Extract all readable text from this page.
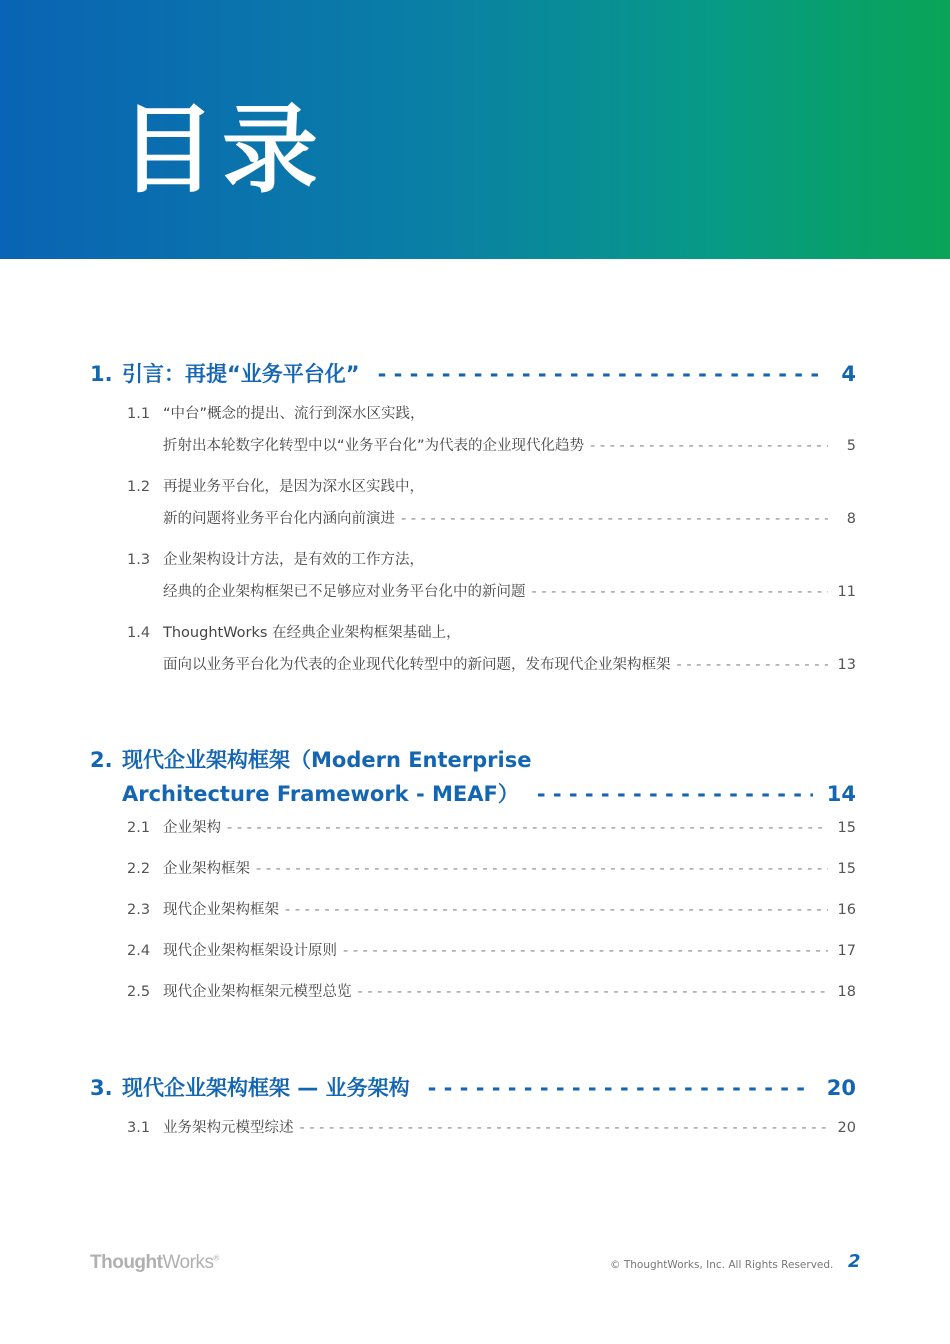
目录
1. 引言：再提“业务平台化” - - -	4
1.1 “中台”概念的提出、流行到深水区实践，
折射出本轮数字化转型中以“业务平台化”为代表的企业现代化趋势 - - -	5
1.2 再提业务平台化，是因为深水区实践中，
新的问题将业务平台化内涵向前演进 - - -	8
1.3 企业架构设计方法，是有效的工作方法，
经典的企业架构框架已不足够应对业务平台化中的新问题 - - -	11
1.4 ThoughtWorks 在经典企业架构框架基础上，
面向以业务平台化为代表的企业现代化转型中的新问题，发布现代企业架构框架 - - -	13
2. 现代企业架构框架（Modern Enterprise
Architecture Framework - MEAF） - - -	14
2.1 企业架构 - - -	15
2.2 企业架构框架 - - -	15
2.3 现代企业架构框架 - - -	16
2.4 现代企业架构框架设计原则 - - -	17
2.5 现代企业架构框架元模型总览 - - -	18
3. 现代企业架构框架 — 业务架构 - - -	20
3.1 业务架构元模型综述 - - -	20
ThoughtWorks®
© ThoughtWorks, Inc. All Rights Reserved. 2
